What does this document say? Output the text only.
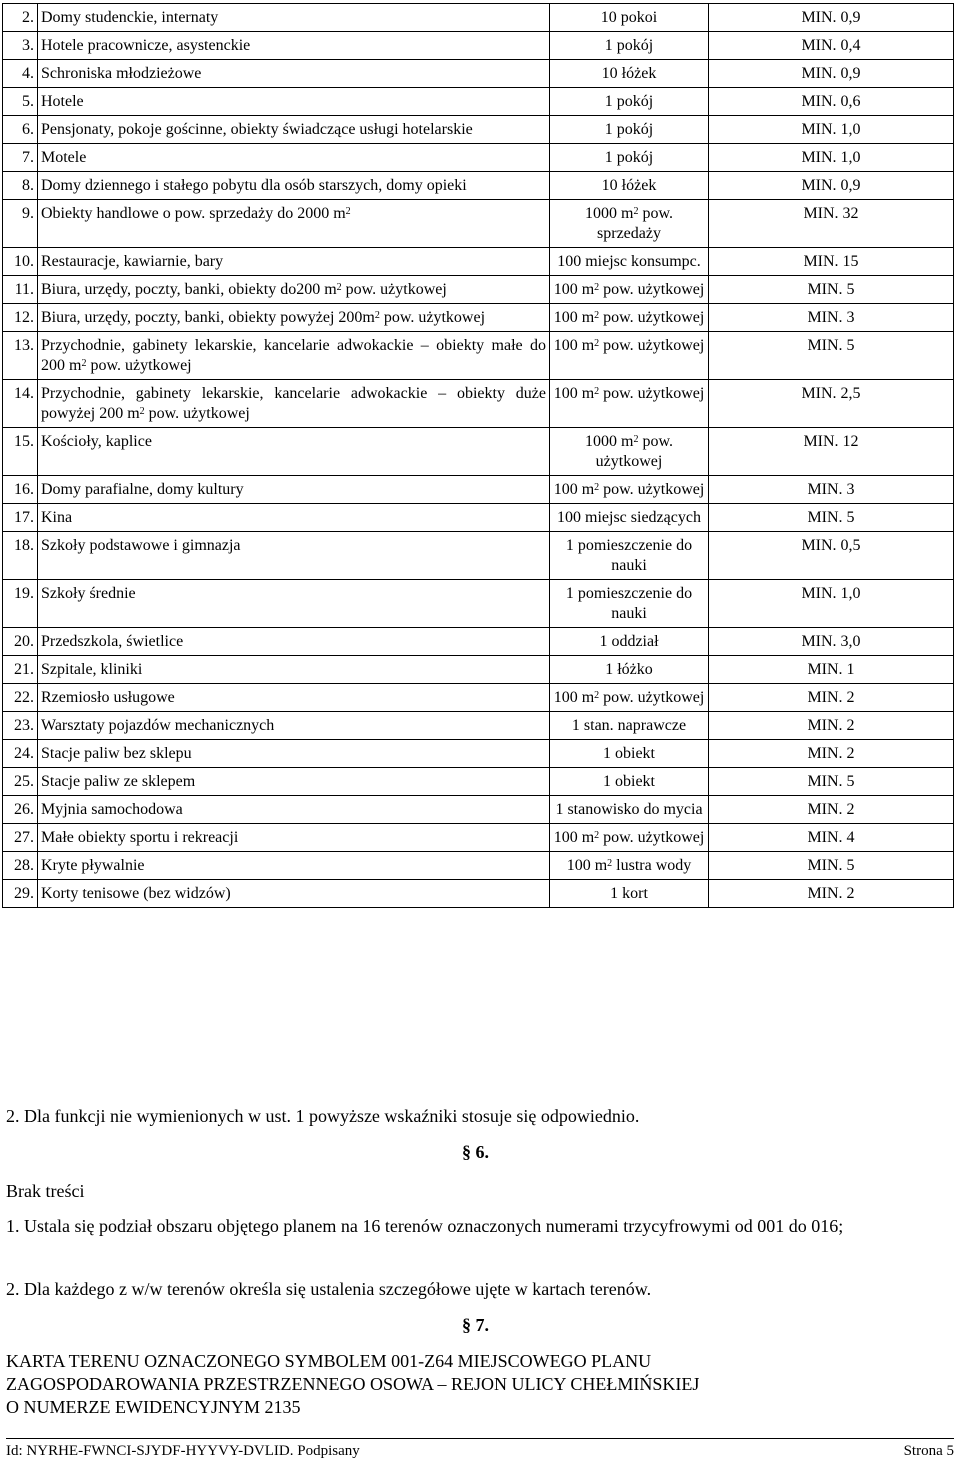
2.	Domy studenckie, internaty	10 pokoi	MIN. 0,9
3.	Hotele pracownicze, asystenckie	1 pokój	MIN. 0,4
4.	Schroniska młodzieżowe	10 łóżek	MIN. 0,9
5.	Hotele	1 pokój	MIN. 0,6
6.	Pensjonaty, pokoje gościnne, obiekty świadczące usługi hotelarskie	1 pokój	MIN. 1,0
7.	Motele	1 pokój	MIN. 1,0
8.	Domy dziennego i stałego pobytu dla osób starszych, domy opieki	10 łóżek	MIN. 0,9
9.	Obiekty handlowe o pow. sprzedaży do 2000 $m^2$	1000 $m^2$ pow. sprzedaży	MIN. 32
10.	Restauracje, kawiarnie, bary	100 miejsc konsumpc.	MIN. 15
11.	Biura, urzędy, poczty, banki, obiekty do200 $m^2$ pow. użytkowej	100 $m^2$ pow. użytkowej	MIN. 5
12.	Biura, urzędy, poczty, banki, obiekty powyżej $200m^2$ pow. użytkowej	100 $m^2$ pow. użytkowej	MIN. 3
13.	Przychodnie, gabinety lekarskie, kancelarie adwokackie – obiekty małe do 200 $m^2$ pow. użytkowej	100 $m^2$ pow. użytkowej	MIN. 5
14.	Przychodnie, gabinety lekarskie, kancelarie adwokackie – obiekty duże powyżej 200 $m^2$ pow. użytkowej	100 $m^2$ pow. użytkowej	MIN. 2,5
15.	Kościoły, kaplice	1000 $m^2$ pow. użytkowej	MIN. 12
16.	Domy parafialne, domy kultury	100 $m^2$ pow. użytkowej	MIN. 3
17.	Kina	100 miejsc siedzących	MIN. 5
18.	Szkoły podstawowe i gimnazja	1 pomieszczenie do nauki	MIN. 0,5
19.	Szkoły średnie	1 pomieszczenie do nauki	MIN. 1,0
20.	Przedszkola, świetlice	1 oddział	MIN. 3,0
21.	Szpitale, kliniki	1 łóżko	MIN. 1
22.	Rzemiosło usługowe	100 $m^2$ pow. użytkowej	MIN. 2
23.	Warsztaty pojazdów mechanicznych	1 stan. naprawcze	MIN. 2
24.	Stacje paliw bez sklepu	1 obiekt	MIN. 2
25.	Stacje paliw ze sklepem	1 obiekt	MIN. 5
26.	Myjnia samochodowa	1 stanowisko do mycia	MIN. 2
27.	Małe obiekty sportu i rekreacji	100 $m^2$ pow. użytkowej	MIN. 4
28.	Kryte pływalnie	100 $m^2$ lustra wody	MIN. 5
29.	Korty tenisowe (bez widzów)	1 kort	MIN. 2
2. Dla funkcji nie wymienionych w ust. 1 powyższe wskaźniki stosuje się odpowiednio.
§ 6.
Brak treści
1. Ustala się podział obszaru objętego planem na 16 terenów oznaczonych numerami trzycyfrowymi od 001 do 016;
2. Dla każdego z w/w terenów określa się ustalenia szczegółowe ujęte w kartach terenów.
§ 7.
KARTA TERENU OZNACZONEGO SYMBOLEM 001-Z64 MIEJSCOWEGO PLANU
ZAGOSPODAROWANIA PRZESTRZENNEGO OSOWA – REJON ULICY CHEŁMIŃSKIEJ
O NUMERZE EWIDENCYJNYM 2135
Id: NYRHE-FWNCI-SJYDF-HYYVY-DVLID. Podpisany	Strona 5
